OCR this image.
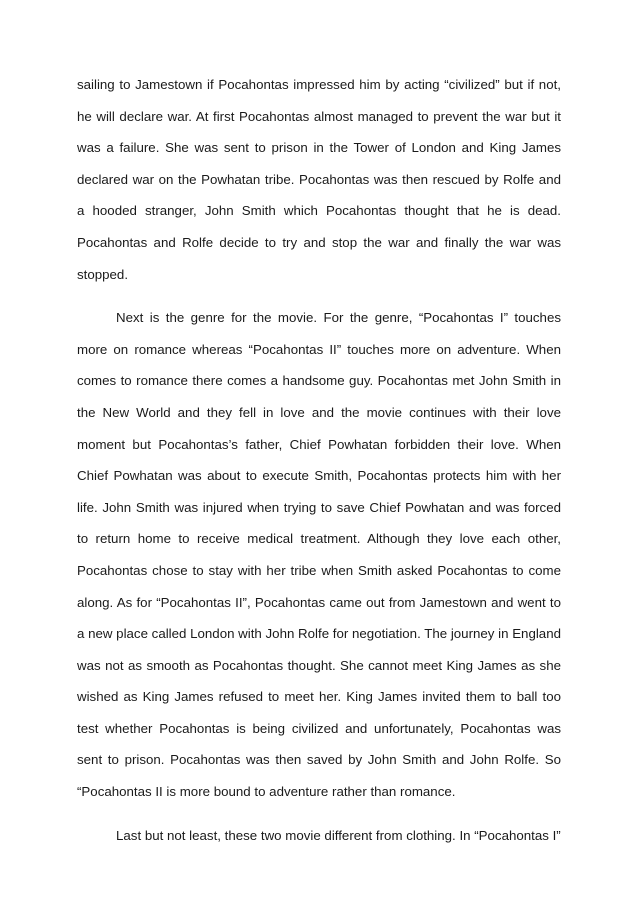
sailing to Jamestown if Pocahontas impressed him by acting “civilized” but if not, he will declare war. At first Pocahontas almost managed to prevent the war but it was a failure. She was sent to prison in the Tower of London and King James declared war on the Powhatan tribe. Pocahontas was then rescued by Rolfe and a hooded stranger, John Smith which Pocahontas thought that he is dead. Pocahontas and Rolfe decide to try and stop the war and finally the war was stopped.

Next is the genre for the movie. For the genre, “Pocahontas I” touches more on romance whereas “Pocahontas II” touches more on adventure. When comes to romance there comes a handsome guy. Pocahontas met John Smith in the New World and they fell in love and the movie continues with their love moment but Pocahontas’s father, Chief Powhatan forbidden their love. When Chief Powhatan was about to execute Smith, Pocahontas protects him with her life. John Smith was injured when trying to save Chief Powhatan and was forced to return home to receive medical treatment. Although they love each other, Pocahontas chose to stay with her tribe when Smith asked Pocahontas to come along. As for “Pocahontas II”, Pocahontas came out from Jamestown and went to a new place called London with John Rolfe for negotiation. The journey in England was not as smooth as Pocahontas thought. She cannot meet King James as she wished as King James refused to meet her. King James invited them to ball too test whether Pocahontas is being civilized and unfortunately, Pocahontas was sent to prison. Pocahontas was then saved by John Smith and John Rolfe. So “Pocahontas II is more bound to adventure rather than romance.

Last but not least, these two movie different from clothing. In “Pocahontas I”
